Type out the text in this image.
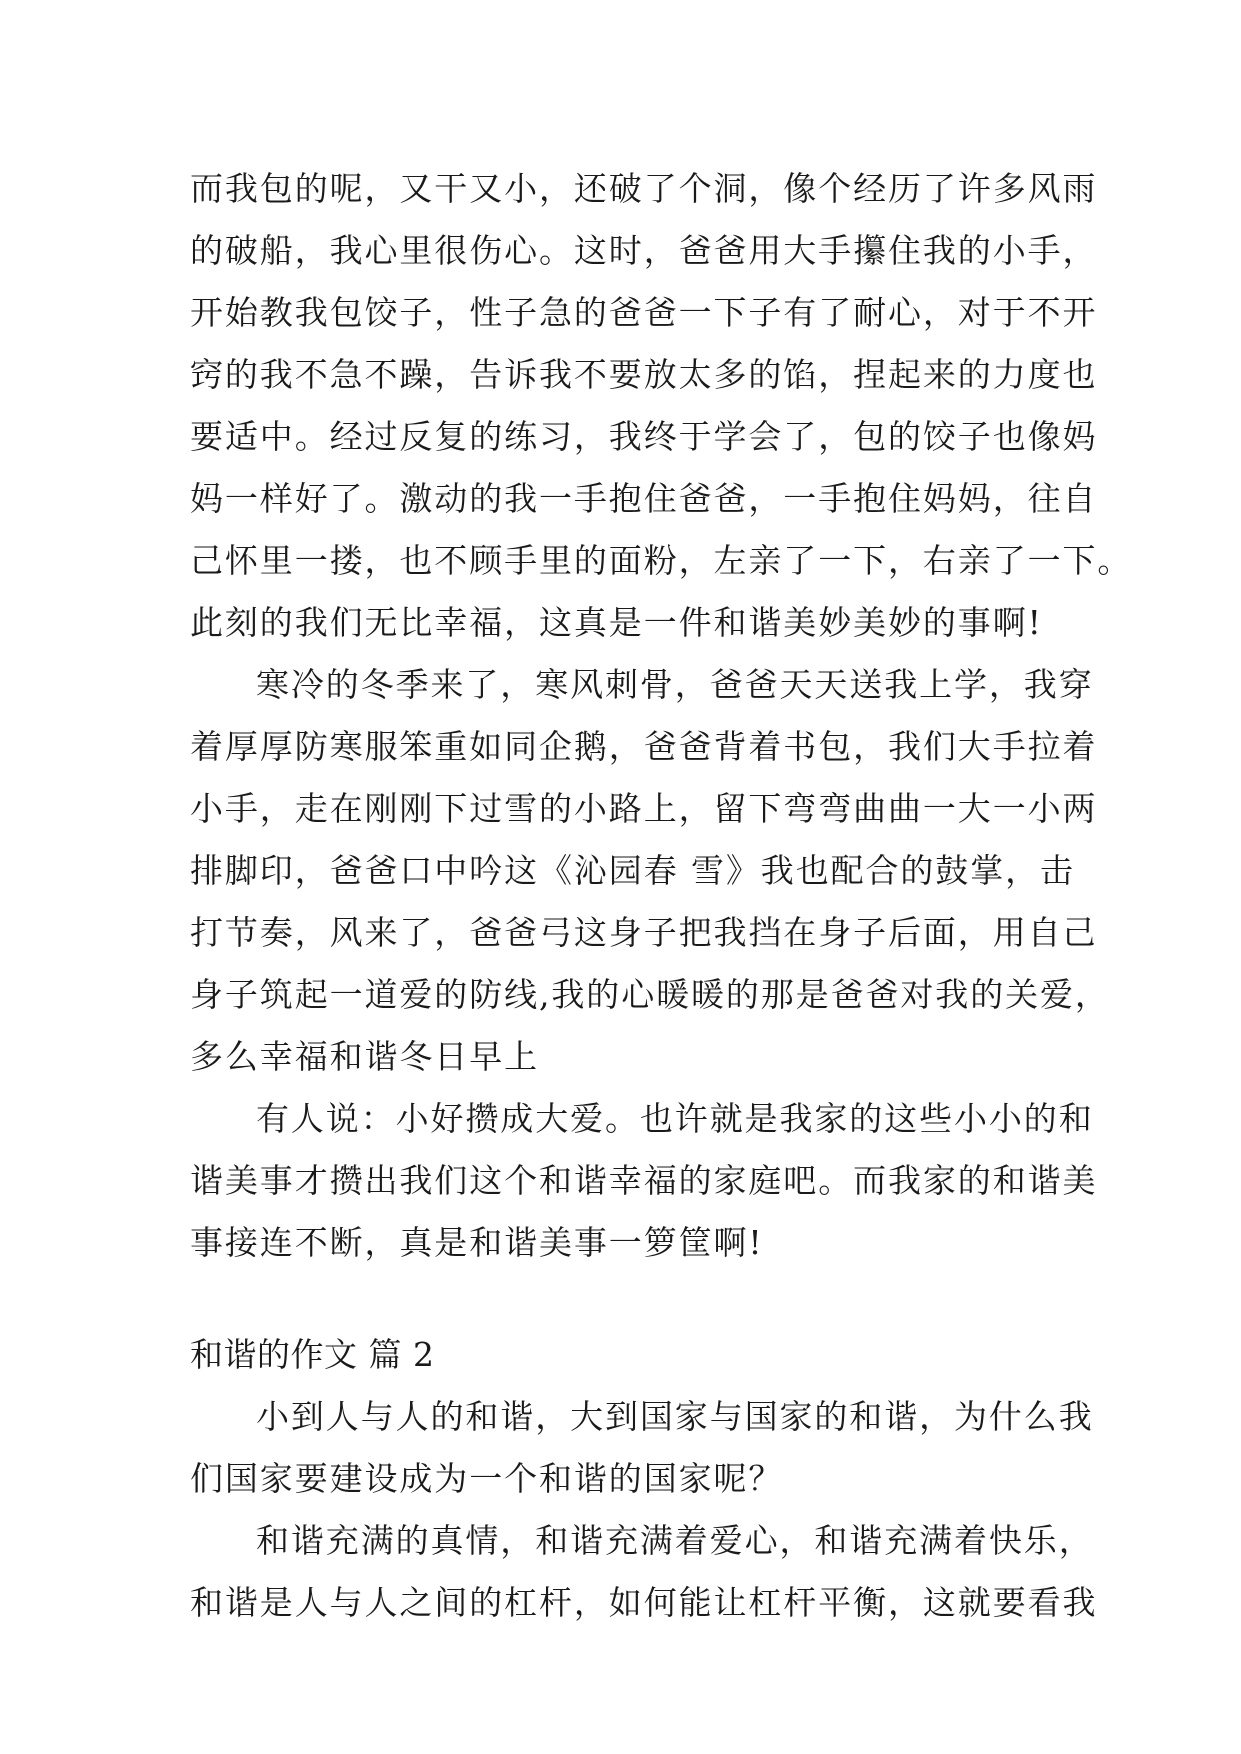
而我包的呢，又干又小，还破了个洞，像个经历了许多风雨
的破船，我心里很伤心。这时，爸爸用大手攥住我的小手，
开始教我包饺子，性子急的爸爸一下子有了耐心，对于不开
窍的我不急不躁，告诉我不要放太多的馅，捏起来的力度也
要适中。经过反复的练习，我终于学会了，包的饺子也像妈
妈一样好了。激动的我一手抱住爸爸，一手抱住妈妈，往自
己怀里一搂，也不顾手里的面粉，左亲了一下，右亲了一下。
此刻的我们无比幸福，这真是一件和谐美妙美妙的事啊!
寒冷的冬季来了，寒风刺骨，爸爸天天送我上学，我穿
着厚厚防寒服笨重如同企鹅，爸爸背着书包，我们大手拉着
小手，走在刚刚下过雪的小路上，留下弯弯曲曲一大一小两
排脚印，爸爸口中吟这《沁园春 雪》我也配合的鼓掌，击
打节奏，风来了，爸爸弓这身子把我挡在身子后面，用自己
身子筑起一道爱的防线,我的心暖暖的那是爸爸对我的关爱，
多么幸福和谐冬日早上
有人说：小好攒成大爱。也许就是我家的这些小小的和
谐美事才攒出我们这个和谐幸福的家庭吧。而我家的和谐美
事接连不断，真是和谐美事一箩筐啊!
和谐的作文 篇 2
小到人与人的和谐，大到国家与国家的和谐，为什么我
们国家要建设成为一个和谐的国家呢？
和谐充满的真情，和谐充满着爱心，和谐充满着快乐，
和谐是人与人之间的杠杆，如何能让杠杆平衡，这就要看我
